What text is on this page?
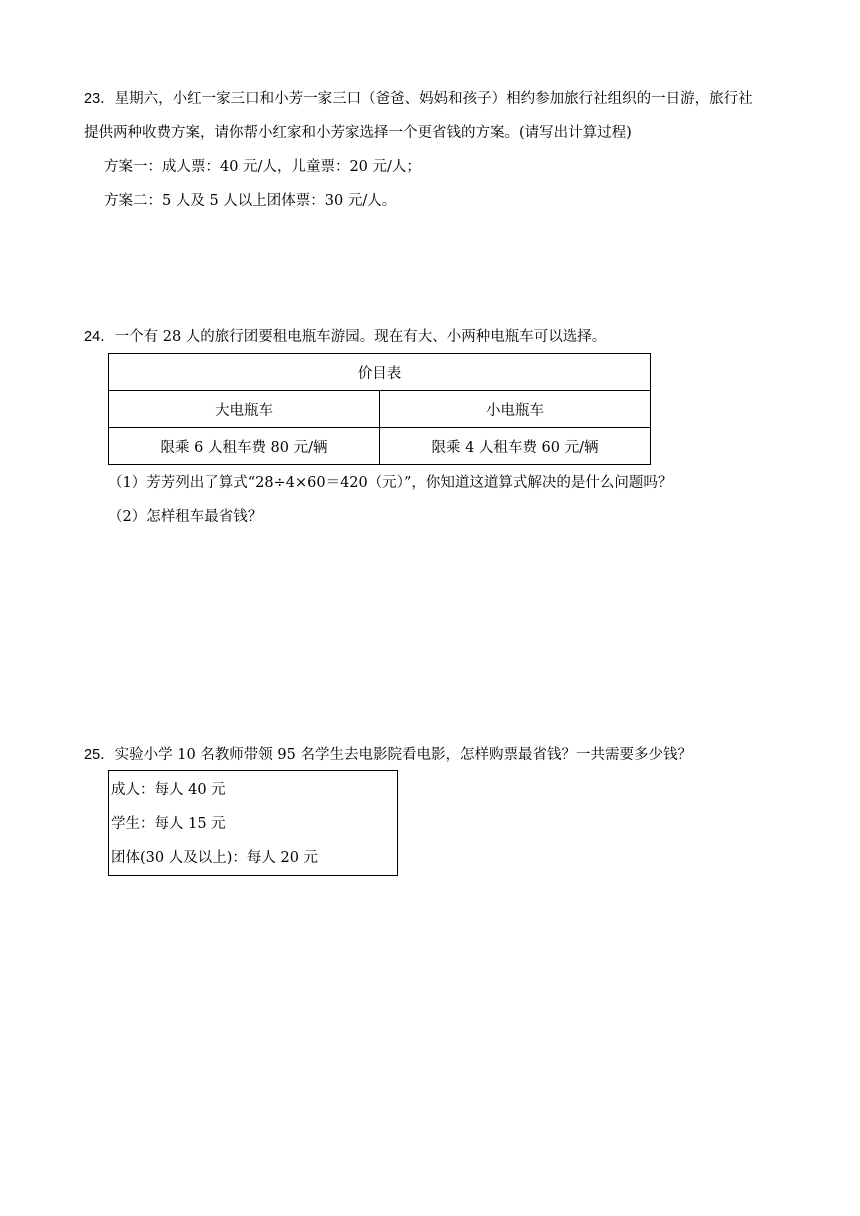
23．星期六，小红一家三口和小芳一家三口（爸爸、妈妈和孩子）相约参加旅行社组织的一日游，旅行社
提供两种收费方案，请你帮小红家和小芳家选择一个更省钱的方案。(请写出计算过程)
方案一：成人票：40 元/人，儿童票：20 元/人；
方案二：5 人及 5 人以上团体票：30 元/人。
24．一个有 28 人的旅行团要租电瓶车游园。现在有大、小两种电瓶车可以选择。
价目表	
大电瓶车	小电瓶车
限乘 6 人租车费 80 元/辆	限乘 4 人租车费 60 元/辆
（1）芳芳列出了算式“28÷4×60＝420（元）”，你知道这道算式解决的是什么问题吗？
（2）怎样租车最省钱？
25．实验小学 10 名教师带领 95 名学生去电影院看电影，怎样购票最省钱？一共需要多少钱？
成人：每人 40 元
学生：每人 15 元
团体(30 人及以上)：每人 20 元
